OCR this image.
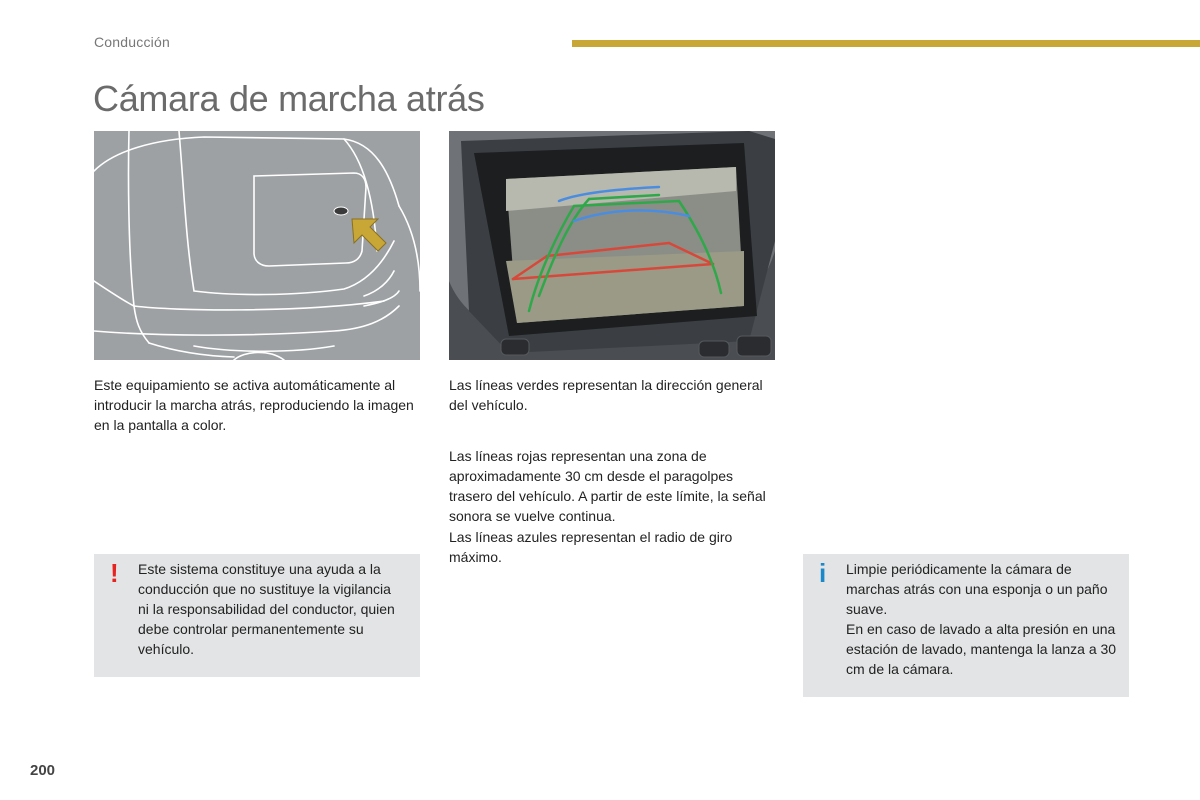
Conducción
Cámara de marcha atrás

Este equipamiento se activa automáticamente al introducir la marcha atrás, reproduciendo la imagen en la pantalla a color.

Las líneas verdes representan la dirección general del vehículo.

Las líneas rojas representan una zona de aproximadamente 30 cm desde el paragolpes trasero del vehículo. A partir de este límite, la señal sonora se vuelve continua.

Las líneas azules representan el radio de giro máximo.

! Este sistema constituye una ayuda a la conducción que no sustituye la vigilancia ni la responsabilidad del conductor, quien debe controlar permanentemente su vehículo.

i Limpie periódicamente la cámara de marchas atrás con una esponja o un paño suave.

En en caso de lavado a alta presión en una estación de lavado, mantenga la lanza a 30 cm de la cámara.

200
